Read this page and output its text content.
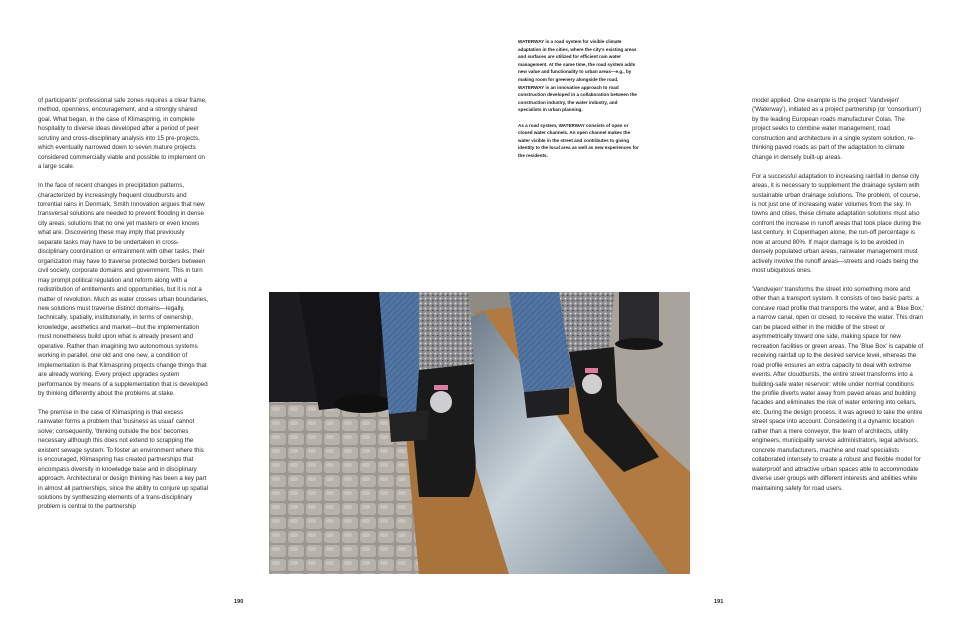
of participants' professional safe zones requires a clear frame, method, openness, encouragement, and a strongly shared goal. What began, in the case of Klimaspring, in complete hospitality to diverse ideas developed after a period of peer scrutiny and cross-disciplinary analysis into 15 pre-projects, which eventually narrowed down to seven mature projects considered commercially viable and possible to implement on a large scale.

In the face of recent changes in precipitation patterns, characterized by increasingly frequent cloudbursts and torrential rains in Denmark, Smith Innovation argues that new transversal solutions are needed to prevent flooding in dense city areas, solutions that no one yet masters or even knows what are. Discovering these may imply that previously separate tasks may have to be undertaken in cross-disciplinary coordination or entrainment with other tasks, their organization may have to traverse protected borders between civil society, corporate domains and government. This in turn may prompt political regulation and reform along with a redistribution of entitlements and opportunities, but it is not a matter of revolution. Much as water crosses urban boundaries, new solutions must traverse distinct domains—legally, technically, spatially, institutionally, in terms of ownership, knowledge, aesthetics and market—but the implementation must nonetheless build upon what is already present and operative. Rather than imagining two autonomous systems working in parallel, one old and one new, a condition of implementation is that Klimaspring projects change things that are already working. Every project upgrades system performance by means of a supplementation that is developed by thinking differently about the problems at stake.

The premise in the case of Klimaspring is that excess rainwater forms a problem that 'business as usual' cannot solve; consequently, 'thinking outside the box' becomes necessary although this does not extend to scrapping the existent sewage system. To foster an environment where this is encouraged, Klimaspring has created partnerships that encompass diversity in knowledge base and in disciplinary approach. Architectural or design thinking has been a key part in almost all partnerships, since the ability to conjure up spatial solutions by synthesizing elements of a trans-disciplinary problem is central to the partnership

WATERWAY is a road system for visible climate adaptation in the cities, where the city's existing areas and surfaces are utilized for efficient rain water management. At the same time, the road system adds new value and functionality to urban areas—e.g., by making room for greenery alongside the road. WATERWAY is an innovative approach to road construction developed in a collaboration between the construction industry, the water industry, and specialists in urban planning.

As a road system, WATERWAY consists of open or closed water channels. An open channel makes the water visible in the street and contributes to giving identity to the local area as well as new experiences for the residents.

model applied. One example is the project 'Vandvejen' ('Waterway'), initiated as a project partnership (or 'consortium') by the leading European roads manufacturer Colas. The project seeks to combine water management, road construction and architecture in a single system solution, re-thinking paved roads as part of the adaptation to climate change in densely built-up areas.

For a successful adaptation to increasing rainfall in dense city areas, it is necessary to supplement the drainage system with sustainable urban drainage solutions. The problem, of course, is not just one of increasing water volumes from the sky. In towns and cities, these climate adaptation solutions must also confront the increase in runoff areas that took place during the last century. In Copenhagen alone, the run-off percentage is now at around 80%. If major damage is to be avoided in densely populated urban areas, rainwater management must actively involve the runoff areas—streets and roads being the most ubiquitous ones.

'Vandvejen' transforms the street into something more and other than a transport system. It consists of two basic parts: a concave road profile that transports the water, and a 'Blue Box,' a narrow canal, open or closed, to receive the water. This drain can be placed either in the middle of the street or asymmetrically toward one side, making space for new recreation facilities or green areas. The 'Blue Box' is capable of receiving rainfall up to the desired service level, whereas the road profile ensures an extra capacity to deal with extreme events. After cloudbursts, the entire street transforms into a building-safe water reservoir; while under normal conditions the profile diverts water away from paved areas and building facades and eliminates the risk of water entering into cellars, etc. During the design process, it was agreed to take the entire street space into account. Considering it a dynamic location rather than a mere conveyor, the team of architects, utility engineers, municipality service administrators, legal advisors, concrete manufacturers, machine and road specialists collaborated intensely to create a robust and flexible model for waterproof and attractive urban spaces able to accommodate diverse user groups with different interests and abilities while maintaining safety for road users.

190	191
